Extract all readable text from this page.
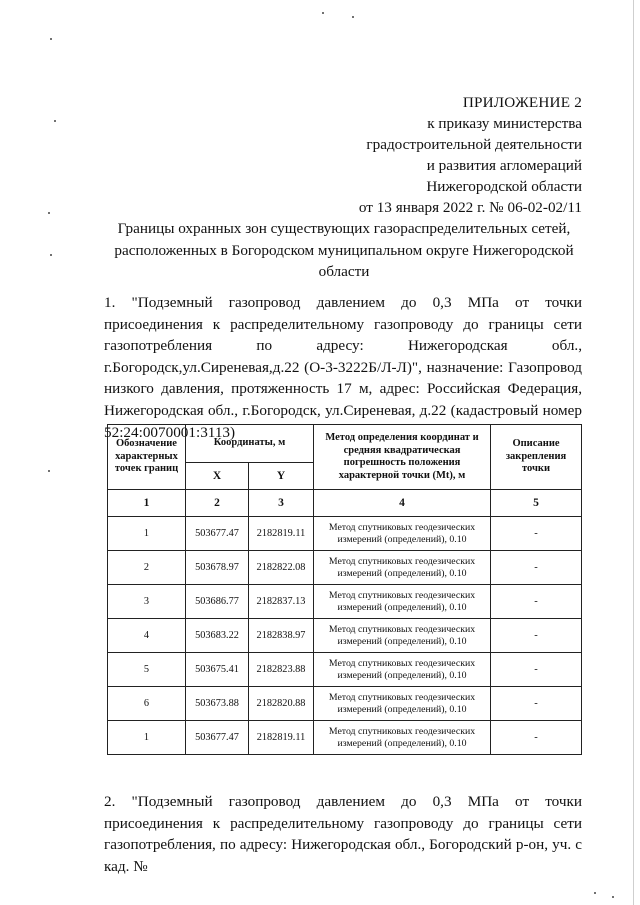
ПРИЛОЖЕНИЕ 2
к приказу министерства
градостроительной деятельности
и развития агломераций
Нижегородской области
от 13 января 2022 г. № 06-02-02/11
Границы охранных зон существующих газораспределительных сетей,
расположенных в Богородском муниципальном округе Нижегородской
области
1. "Подземный газопровод давлением до 0,3 МПа от точки присоединения к распределительному газопроводу до границы сети газопотребления по адресу: Нижегородская обл., г.Богородск,ул.Сиреневая,д.22 (О-3-3222Б/Л-Л)", назначение: Газопровод низкого давления, протяженность 17 м, адрес: Российская Федерация, Нижегородская обл., г.Богородск, ул.Сиреневая, д.22 (кадастровый номер 52:24:0070001:3113)
Обозначение характерных точек границ	Координаты, м		Метод определения координат и средняя квадратическая погрешность положения характерной точки (Mt), м	Описание закрепления точки
	X	Y		
1	2	3	4	5
1	503677.47	2182819.11	Метод спутниковых геодезических измерений (определений), 0.10	-
2	503678.97	2182822.08	Метод спутниковых геодезических измерений (определений), 0.10	-
3	503686.77	2182837.13	Метод спутниковых геодезических измерений (определений), 0.10	-
4	503683.22	2182838.97	Метод спутниковых геодезических измерений (определений), 0.10	-
5	503675.41	2182823.88	Метод спутниковых геодезических измерений (определений), 0.10	-
6	503673.88	2182820.88	Метод спутниковых геодезических измерений (определений), 0.10	-
1	503677.47	2182819.11	Метод спутниковых геодезических измерений (определений), 0.10	-
2. "Подземный газопровод давлением до 0,3 МПа от точки присоединения к распределительному газопроводу до границы сети газопотребления, по адресу: Нижегородская обл., Богородский р-он, уч. с кад. №
